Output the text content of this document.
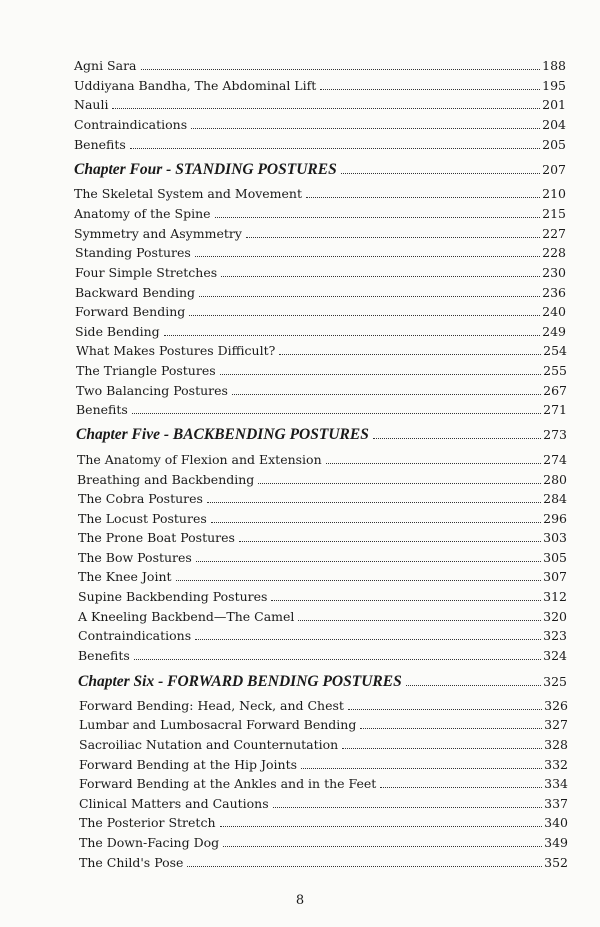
Agni Sara	188
Uddiyana Bandha, The Abdominal Lift	195
Nauli	201
Contraindications	204
Benefits	205
Chapter Four - STANDING POSTURES	207
The Skeletal System and Movement	210
Anatomy of the Spine	215
Symmetry and Asymmetry	227
Standing Postures	228
Four Simple Stretches	230
Backward Bending	236
Forward Bending	240
Side Bending	249
What Makes Postures Difficult?	254
The Triangle Postures	255
Two Balancing Postures	267
Benefits	271
Chapter Five - BACKBENDING POSTURES	273
The Anatomy of Flexion and Extension	274
Breathing and Backbending	280
The Cobra Postures	284
The Locust Postures	296
The Prone Boat Postures	303
The Bow Postures	305
The Knee Joint	307
Supine Backbending Postures	312
A Kneeling Backbend—The Camel	320
Contraindications	323
Benefits	324
Chapter Six - FORWARD BENDING POSTURES	325
Forward Bending: Head, Neck, and Chest	326
Lumbar and Lumbosacral Forward Bending	327
Sacroiliac Nutation and Counternutation	328
Forward Bending at the Hip Joints	332
Forward Bending at the Ankles and in the Feet	334
Clinical Matters and Cautions	337
The Posterior Stretch	340
The Down-Facing Dog	349
The Child's Pose	352
8
